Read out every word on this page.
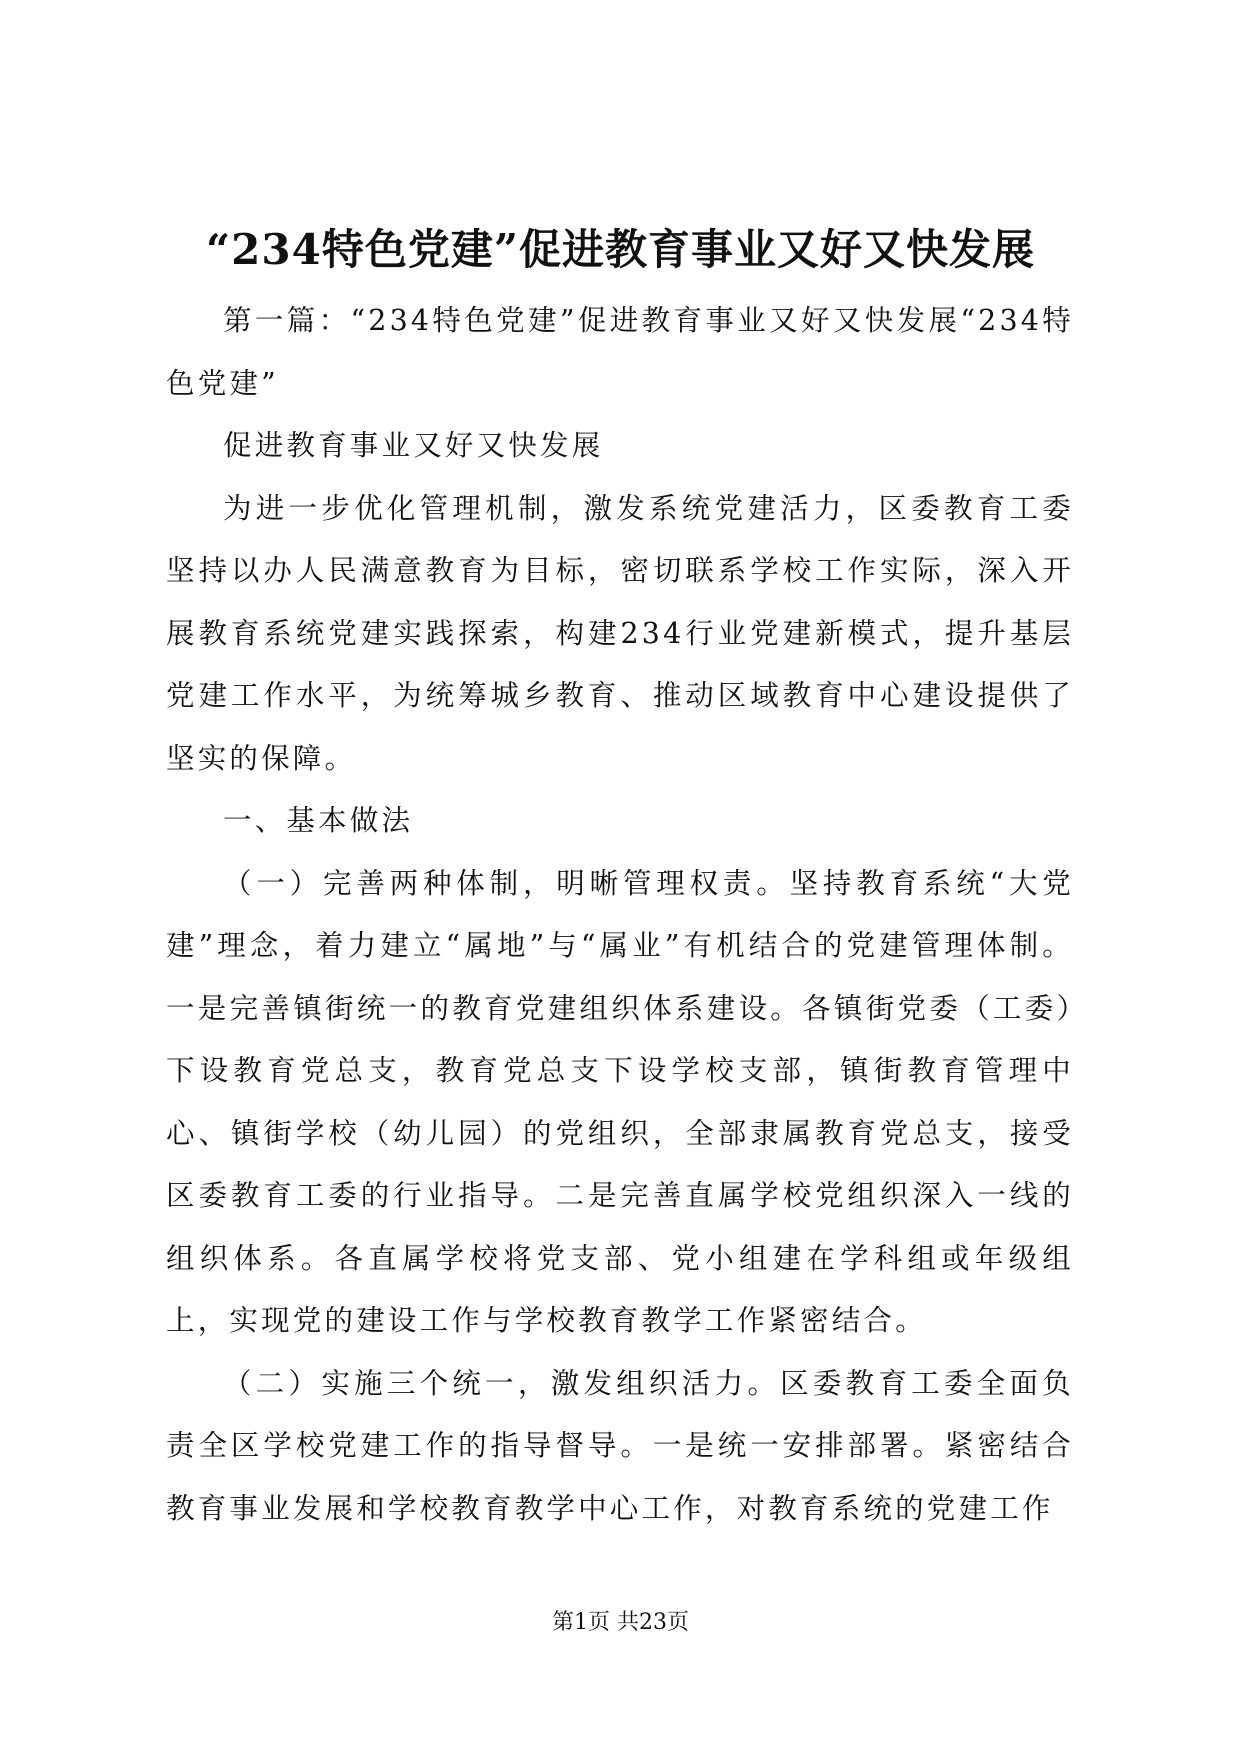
“234特色党建”促进教育事业又好又快发展

第一篇：“234特色党建”促进教育事业又好又快发展“234特色党建”

促进教育事业又好又快发展

为进一步优化管理机制，激发系统党建活力，区委教育工委坚持以办人民满意教育为目标，密切联系学校工作实际，深入开展教育系统党建实践探索，构建234行业党建新模式，提升基层党建工作水平，为统筹城乡教育、推动区域教育中心建设提供了坚实的保障。

一、基本做法

（一）完善两种体制，明晰管理权责。坚持教育系统“大党建”理念，着力建立“属地”与“属业”有机结合的党建管理体制。一是完善镇街统一的教育党建组织体系建设。各镇街党委（工委）下设教育党总支，教育党总支下设学校支部，镇街教育管理中心、镇街学校（幼儿园）的党组织，全部隶属教育党总支，接受区委教育工委的行业指导。二是完善直属学校党组织深入一线的组织体系。各直属学校将党支部、党小组建在学科组或年级组上，实现党的建设工作与学校教育教学工作紧密结合。

（二）实施三个统一，激发组织活力。区委教育工委全面负责全区学校党建工作的指导督导。一是统一安排部署。紧密结合教育事业发展和学校教育教学中心工作，对教育系统的党建工作

第1页 共23页
